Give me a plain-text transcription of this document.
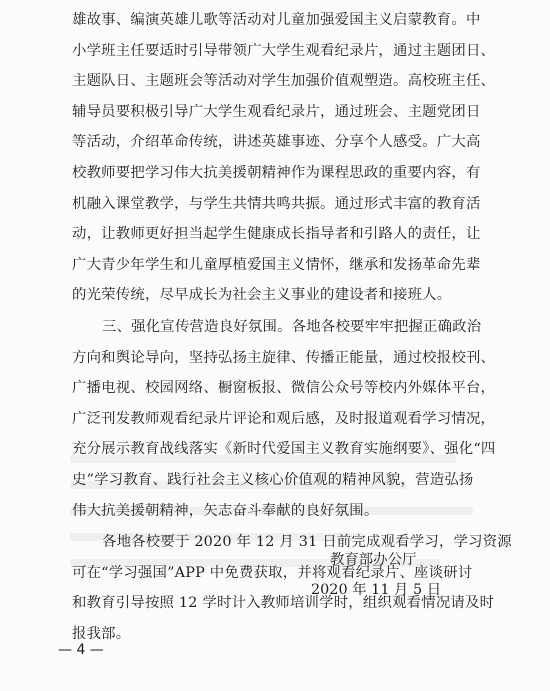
雄故事、编演英雄儿歌等活动对儿童加强爱国主义启蒙教育。中
小学班主任要适时引导带领广大学生观看纪录片，通过主题团日、
主题队日、主题班会等活动对学生加强价值观塑造。高校班主任、
辅导员要积极引导广大学生观看纪录片，通过班会、主题党团日
等活动，介绍革命传统，讲述英雄事迹、分享个人感受。广大高
校教师要把学习伟大抗美援朝精神作为课程思政的重要内容，有
机融入课堂教学，与学生共情共鸣共振。通过形式丰富的教育活
动，让教师更好担当起学生健康成长指导者和引路人的责任，让
广大青少年学生和儿童厚植爱国主义情怀，继承和发扬革命先辈
的光荣传统，尽早成长为社会主义事业的建设者和接班人。
三、强化宣传营造良好氛围。各地各校要牢牢把握正确政治
方向和舆论导向，坚持弘扬主旋律、传播正能量，通过校报校刊、
广播电视、校园网络、橱窗板报、微信公众号等校内外媒体平台，
广泛刊发教师观看纪录片评论和观后感，及时报道观看学习情况，
充分展示教育战线落实《新时代爱国主义教育实施纲要》、强化“四
史”学习教育、践行社会主义核心价值观的精神风貌，营造弘扬
伟大抗美援朝精神，矢志奋斗奉献的良好氛围。
各地各校要于 2020 年 12 月 31 日前完成观看学习，学习资源
可在“学习强国”APP 中免费获取，并将观看纪录片、座谈研讨
和教育引导按照 12 学时计入教师培训学时，组织观看情况请及时
报我部。
教育部办公厅
2020 年 11 月 5 日
— 4 —
